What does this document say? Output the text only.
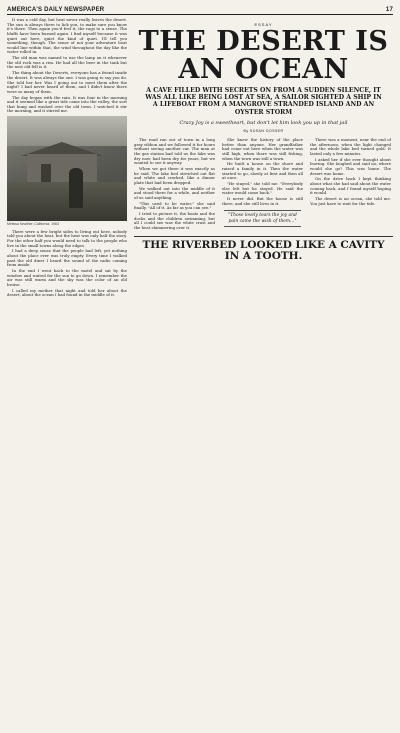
AMERICA'S DAILY NEWSPAPER	17

It was a cold day, but heat never really leaves the desert. The sun is always there to lick you, to make sure you know it's there. Then again you'd feel it, the rags to a sense. The bluffs have been burned again. I find myself because it was quiet out here, quiet the kind of quiet. I'll tell you something, though. The sense of not your adventure boat would line within that, the wind throughout the day like the water rolled in.

The old man was named to use the lamp on it whenever the old rock was a rim. He had all the beer in the tank but the nest old fell is it.

The thing about the Deserts, everyone has a friend inside the desert. It was always the one. I was going to say you do. She told her her. Was I going out to meet them after the night? I had never heard of them, and I didn't know there were so many of them.

The day began with the rain. It was four in the morning and it seemed like a great tide came into the valley, the sort that hung and washed over the old town. I watched it stir the morning, and it stirred me.

Melissa Kealiher, California, 1963

There were a few bright sides to living out here, nobody told you about the heat, but the heat was only half the story. For the other half you would need to talk to the people who live in the small towns along the edges.

I had a deep sense that the people had left, yet nothing about the place ever was truly empty. Every time I walked past the old diner I heard the sound of the radio coming from inside.

In the end I went back to the motel and sat by the window and waited for the sun to go down. I remember the air was still warm and the sky was the color of an old bruise.

I called my mother that night and told her about the desert, about the ocean I had found in the middle of it.

ESSAY
THE DESERT IS AN OCEAN
A CAVE FILLED WITH SECRETS ON FROM A SUDDEN SILENCE, IT WAS ALL LIKE BEING LOST AT SEA, A SAILOR SIGHTED A SHIP IN A LIFEBOAT FROM A MANGROVE STRANDED ISLAND AND AN OYSTER STORM
Crazy Joy is a sweetheart, but don't let him look you up in that jail
By SUSAN GOSSER

The road ran out of town in a long gray ribbon and we followed it for hours without seeing another car. The man at the gas station had told us the lake was dry now, had been dry for years, but we wanted to see it anyway.

When we got there it was exactly as he said. The lake bed stretched out flat and white and cracked, like a dinner plate that had been dropped.

We walked out into the middle of it and stood there for a while, and neither of us said anything.

"This used to be water," she said finally. "All of it. As far as you can see."

I tried to picture it, the boats and the docks and the children swimming, but all I could see was the white crust and the heat shimmering over it.

She knew the history of the place better than anyone. Her grandfather had come out here when the water was still high, when there was still fishing, when the town was still a town.

He built a house on the shore and raised a family in it. Then the water started to go, slowly at first and then all at once.

"He stayed," she told me. "Everybody else left but he stayed. He said the water would come back."

It never did. But the house is still there, and she still lives in it.

"Those lovely tears the joy and pain came the wish of them…"

There was a moment, near the end of the afternoon, when the light changed and the whole lake bed turned gold. It lasted only a few minutes.

I asked her if she ever thought about leaving. She laughed and said no, where would she go? This was home. The desert was home.

On the drive back I kept thinking about what she had said about the water coming back, and I found myself hoping it would.

The desert is an ocean, she told me. You just have to wait for the tide.

THE RIVERBED LOOKED LIKE A CAVITY IN A TOOTH.
